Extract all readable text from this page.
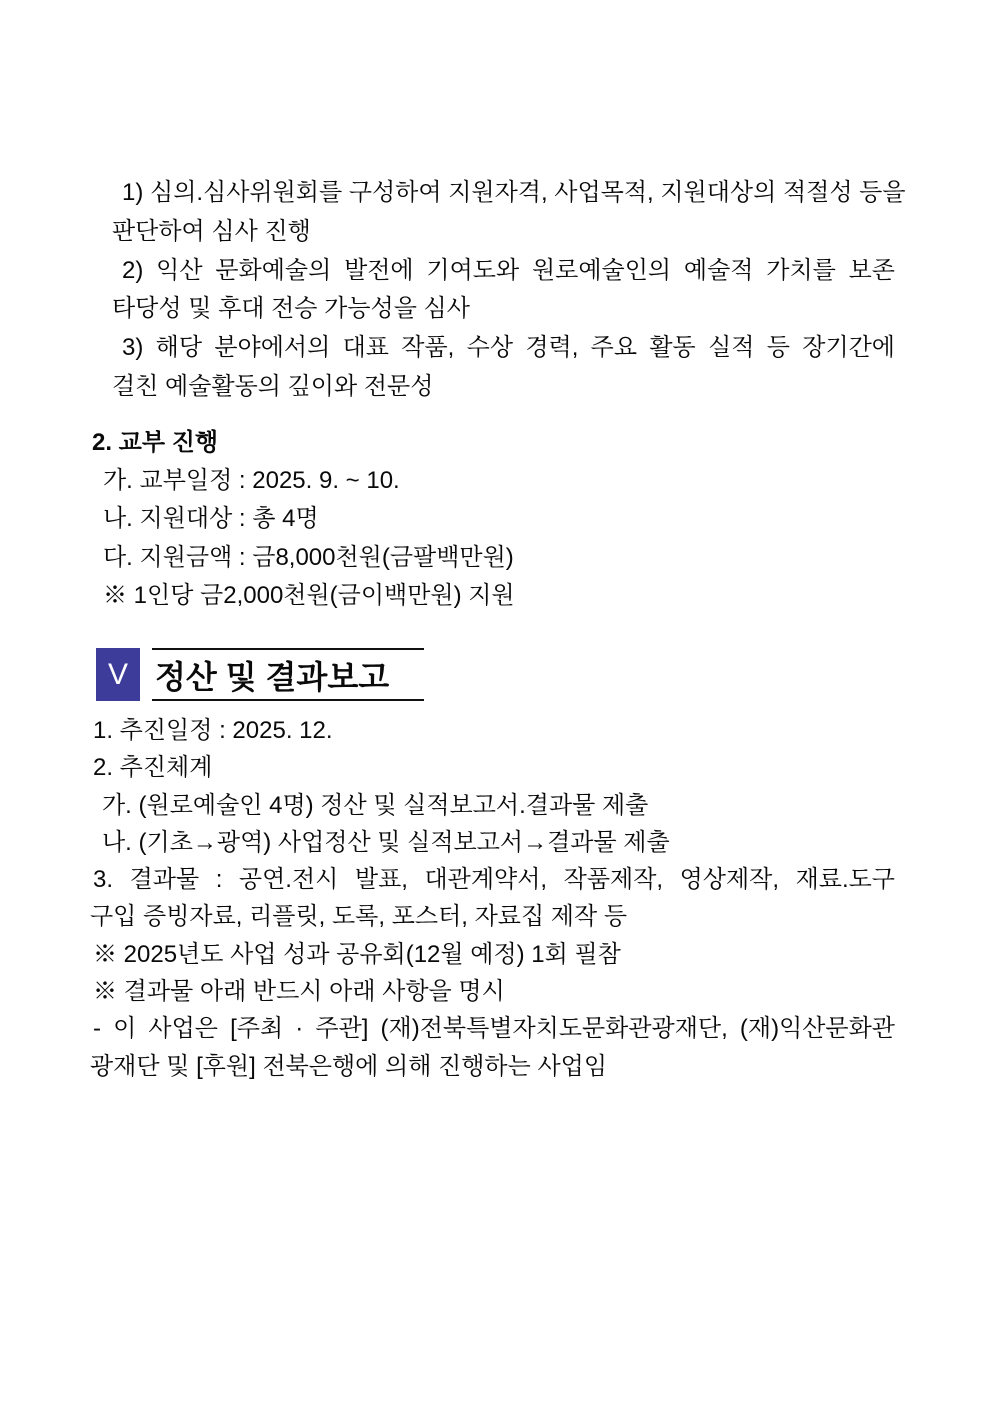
1) 심의.심사위원회를 구성하여 지원자격, 사업목적, 지원대상의 적절성 등을

판단하여 심사 진행

2) 익산 문화예술의 발전에 기여도와 원로예술인의 예술적 가치를 보존

타당성 및 후대 전승 가능성을 심사

3) 해당 분야에서의 대표 작품, 수상 경력, 주요 활동 실적 등 장기간에

걸친 예술활동의 깊이와 전문성

2. 교부 진행

가. 교부일정 : 2025. 9. ~ 10.

나. 지원대상 : 총 4명

다. 지원금액 : 금8,000천원(금팔백만원)

※ 1인당 금2,000천원(금이백만원) 지원

V 정산 및 결과보고

1. 추진일정 : 2025. 12.

2. 추진체계

가. (원로예술인 4명) 정산 및 실적보고서.결과물 제출

나. (기초→광역) 사업정산 및 실적보고서→결과물 제출

3. 결과물 : 공연.전시 발표, 대관계약서, 작품제작, 영상제작, 재료.도구

구입 증빙자료, 리플릿, 도록, 포스터, 자료집 제작 등

※ 2025년도 사업 성과 공유회(12월 예정) 1회 필참

※ 결과물 아래 반드시 아래 사항을 명시

- 이 사업은 [주최 · 주관] (재)전북특별자치도문화관광재단, (재)익산문화관

광재단 및 [후원] 전북은행에 의해 진행하는 사업임
